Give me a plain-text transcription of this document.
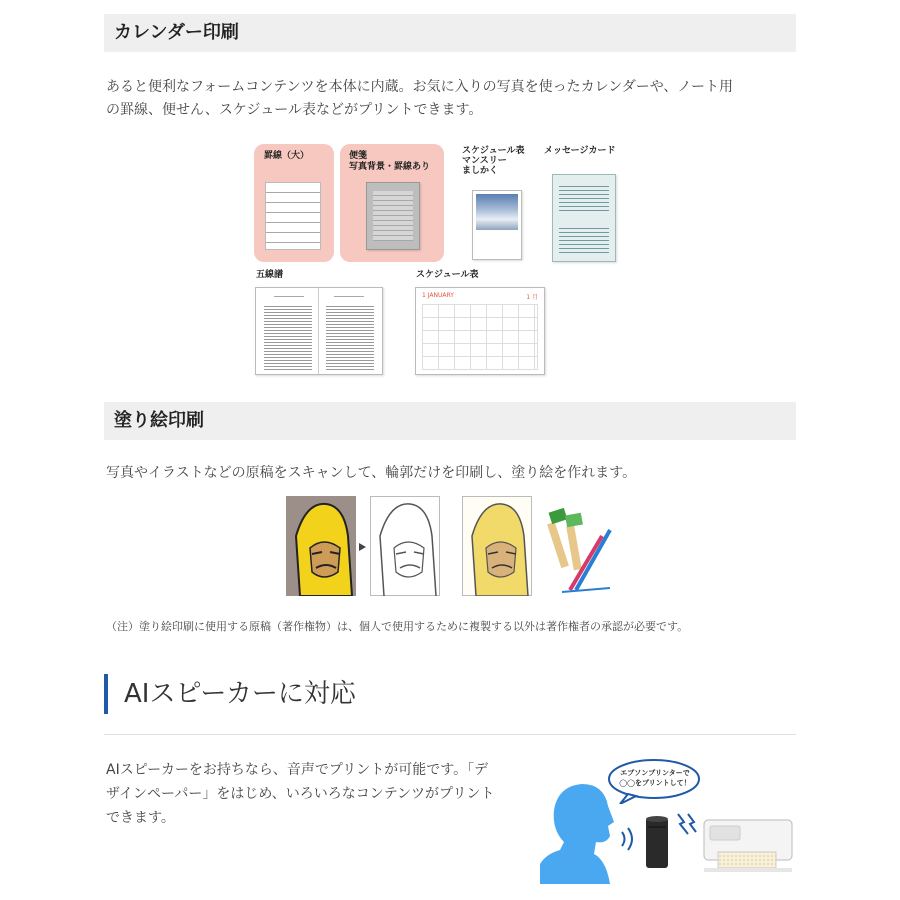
カレンダー印刷
あると便利なフォームコンテンツを本体に内蔵。お気に入りの写真を使ったカレンダーや、ノート用
の罫線、便せん、スケジュール表などがプリントできます。
罫線（大）	便箋
写真背景・罫線あり
スケジュール表
マンスリー
ましかく
メッセージカード
五線譜	スケジュール表
1 JANUARY	1 月
塗り絵印刷
写真やイラストなどの原稿をスキャンして、輪郭だけを印刷し、塗り絵を作れます。
（注）塗り絵印刷に使用する原稿（著作権物）は、個人で使用するために複製する以外は著作権者の承認が必要です。
AIスピーカーに対応
AIスピーカーをお持ちなら、音声でプリントが可能です。「デ
ザインペーパー」をはじめ、いろいろなコンテンツがプリント
できます。
エプソンプリンターで
◯◯をプリントして！
